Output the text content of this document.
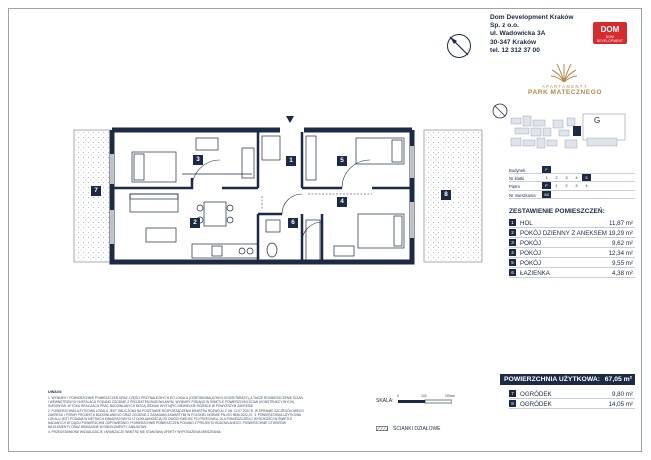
Dom Development Kraków Sp. z o.o.
ul. Wadowicka 3A
30-347 Kraków
tel. 12 312 37 00
DOM
DOM DEVELOPMENT
APARTAMENTY
PARK MATECZNEGO
G
Budynek	F
Nr klatki	1	2	3	4	5
Piętro	P	1	2	3	4
Nr mieszkania	58
ZESTAWIENIE POMIESZCZEŃ:
1	HOL	11,87 m²
2	POKÓJ DZIENNY Z ANEKSEM 19,29 m²
3	POKÓJ	9,62 m²
4	POKÓJ	12,34 m²
5	POKÓJ	9,55 m²
6	ŁAZIENKA	4,38 m²
POWIERZCHNIA UŻYTKOWA: 67,05 m²
7	OGRÓDEK	9,80 m²
8	OGRÓDEK	14,05 m²
UWAGI:

1. WYMIARY I POWIERZCHNIE POMIESZCZEŃ ORAZ CZĘŚCI PRZYNALEŻNYCH DO LOKALU (OGRÓDKI/BALKONY/LOGGIE/TARASY), A TAKŻE ROZMIESZCZENIE ŚCIAN

I WEWNĘTRZNYCH INSTALACJI PODANO ZGODNIE Z PROJEKTEM BUDOWLANYM. WYMIARY PODANO W ŚWIETLE POWIERZCHNI ŚCIAN (KONSTRUKCYJNYCH).

SUROWYMI. W TOKU REALIZACJI PRAC BUDOWLANYCH MOGĄ JEDNAK WYSTĄPIĆ NIEWIELKIE RÓŻNICE W POWYŻSZYM ZAKRESIE.

2. POWIERZCHNIA UŻYTKOWA LOKALU JEST OBLICZONA NA PODSTAWIE ROZPORZĄDZENIA MINISTRA ROZWOJU Z DN. 12.07.2022 R. W SPRAWIE SZCZEGÓŁOWEGO

ZAKRESU I FORMY PROJEKTU BUDOWLANEGO ORAZ ZGODNIE Z ZASADAMI ZAWARTYMI W POLSKIEJ NORMIE PN-ISO 9836:2022-07. 3. POWIERZCHNIA UŻYTKOWA

LOKALU JEST PODANA W METRACH KWADRATOWYCH Z DOKŁADNOŚCIĄ DO DWÓCH MIEJSC PO PRZECINKU. DLA POMIESZCZEŃ O WYSOKOŚCI W ŚWIETLE

NADANYCH W CIĄGU POWIERZCHNI ODPOWIEDNIO. POWIERZCHNIE POMIESZCZEŃ PODANO Z PROJEKTU BUDOWLANEGO. POWIERZCHNIE OTWORÓW

NA ELEMENTY ORAZ WSKAZANE W NIM ELEMENTY ZABUDOWY.

4. PRZEDSTAWIONE WIZUALIZACJE I ARANŻACJE WNĘTRZ NIE STANOWIĄ OFERTY WYPOSAŻENIA MIESZKANIA.

SKALA:
0	100	200cm
ŚCIANKI DZIAŁOWE
1
2
3
4
5
6
7
8
